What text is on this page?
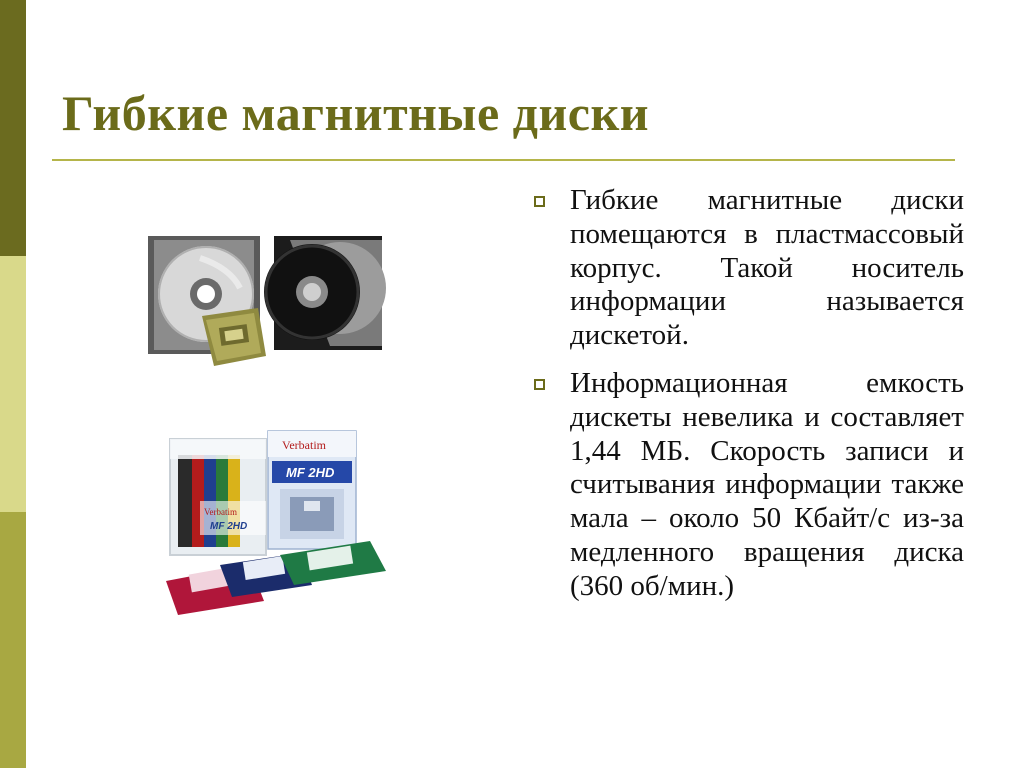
Гибкие магнитные диски
Verbatim
MF 2HD
Verbatim
MF 2HD
Гибкие магнитные диски помещаются в пластмассовый корпус. Такой носитель информации называется дискетой.
Информационная емкость дискеты невелика и составляет 1,44 МБ. Скорость записи и считывания информации также мала – около 50 Кбайт/с из-за медленного вращения диска (360 об/мин.)
